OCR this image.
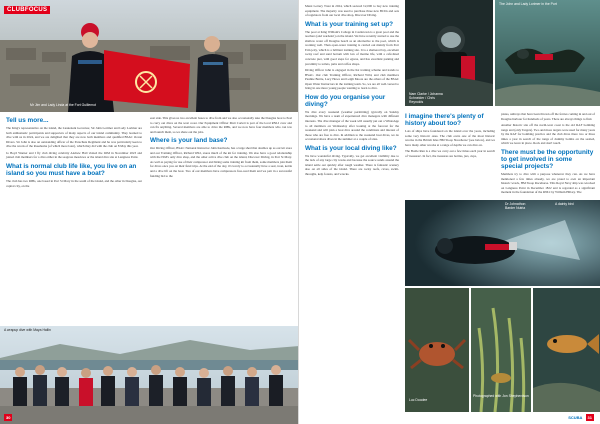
Mr Jim and Lady Linda at the Fort Guillemot
CLUBFOCUS
Tell us more...

The King's representative on the island, the Lieutenant Governor, Sir John Lorimer and Lady Lorimer are both enthusiastic participants and supporters of many aspects of our island community. They learned to dive with us in 2024, and we are delighted that they are now both members and qualified BSAC Ocean Divers. Sir John is also an outstanding officer of the Parachute Regiment and he was particularly keen to dive the wreck of the Rosehome (of which more later), which they did with the club on 8 May this year.

Jo Boyd Warner and I fly club diving celebrity Andrew Hall visited the IOM in November 2023 and joined club members for a dive either in the seagrass meadows or the island dive site at Langness Point.

What is normal club life like, you live on an island so you must have a boat?

The club has two RIBs, one based in Port St Mary in the south of the island, and the other in Douglas, our capital city, on the

east side. This gives us two excellent bases to dive from and we also occasionally take the Douglas boat to Peel to carry out dives on the west coast. Our Equipment Officer Matt Corlett is part of the local RNLI crew and can fix anything. Several members are able to drive the RIBs, and we now have four members who can tow and launch them, so we share out the jobs.

Where is your land base?

Our Diving Officer, BSAC National Instructor John Kermode, has a large shed that doubles up as our kit store and our Training Officer, Richard Wild, stores much of the kit for training. We also have a good relationship with the ISM's only dive shop, and the other active dive club on the island, Discover Diving, in Port St Mary. As well as paying for use of their compressor and hiring some training kit from them, some members join them for dives once you on their fund trips. At the end of the day, it's lovely to occasionally have a seal, trout, kettle and a dive lift on the boat. Two of our members have compressors free-reed them and we pair in a successful funding bid to the

A wrapup dive with Maya Hallin
30

Manx Lottery Trust in 2024, which secured £2,000 to buy new training equipment. The majority was used to purchase three new BCDs and sets of regulators from our local dive shop, Discover Diving.

What is your training set up?

The pool at King William's College in Castletown is a great pool and the teachers (and wardens!) on the island. We have recently started to use the shallow water off Douglas beach as an alternative to the pool, which is working well. Then open-water training is carried out mainly from Port Erin jetty, which is a brilliant training site. It is a sheltered bay, excellent rocky reef and sand bottom with lots of marine life, with a café-lined concrete pier, with good steps for egress, and has excellent parking and proximity to toilets, pubs and coffee shops.

Diving Officer John is engaged in the list training scheme and trends to BSAC. Our club Training Officer, Richard Wild, and club members Pauline Bertie, Lucy Howe and Leigh Moore are the others of the BSAC Open Water Instructors in the training team. So, we are all well-versed to bring in one more young people wanting to learn to dive.

How do you organise your diving?

We dive every weekend (weather permitting) typically on Sunday mornings. We have a team of experienced dive managers with different interests. The dive manager of the week will usually put out a WhatsApp to all members on Wednesday after looking at the forecast for the weekend and will plan a boat dive around the conditions and interest of those who are free to dive. In addition to the weekend boat dives, we do occasional shore dives in the summer at a couple of sites.

What is your local diving like?

We have wonderful diving. Typically, we get excellent visibility due to the lack of any large city towns and because the source sands around the island settle out quickly after rough weather. There is fantastic scenery also on all sides of the island. There are rocky reefs, caves, swim-throughs, kelp forests, and wrecks.

Nam Clarke / Johanna Schneider / Chris Reynolds
The John and Lady Lorimer in the Port
I imagine there's plenty of history about too?

Lots of ships have foundered on the island over the years, including some very historic ones. The club owns one of the most historic wrecks in the British Isles HM Sloop 'Racehorse' (see below), and we have many other wrecks at a range of depths we can dive on.

The Bottle Run is a dive we carry out a few times each year in search of 'treasures'. In fact, the treasures are bottles, jars, cups,

plates, ashtrays that have been thrown off the ferries coming in and out of Douglas harbour for hundreds of years. There are always things to find.

Another historic site off the north-west coast is the old RAF bombing range and (only Targets). Two and more targets were used for many years by the RAF for bombing practice and the club dives there two or three times a year in search of the range of dummy bombs on the seabed, which we leave in place. Rock and don't touch.

There must be the opportunity to get involved in some special projects?

Members try to dive with a purpose whenever they can. As we have mentioned a few times already, we are proud to own an important historic wreck, HM Sloop Racehorse. This Royal Navy ship was wrecked on Langness Point in December 1822 and is regarded as a significant moment in the foundation of the RNLI by William Hillary. The

Dr Johnathon Barder Nutria
A dainty bird
Luc Doodee
Photographed with Jon Shepherdson
SCUBA 31
